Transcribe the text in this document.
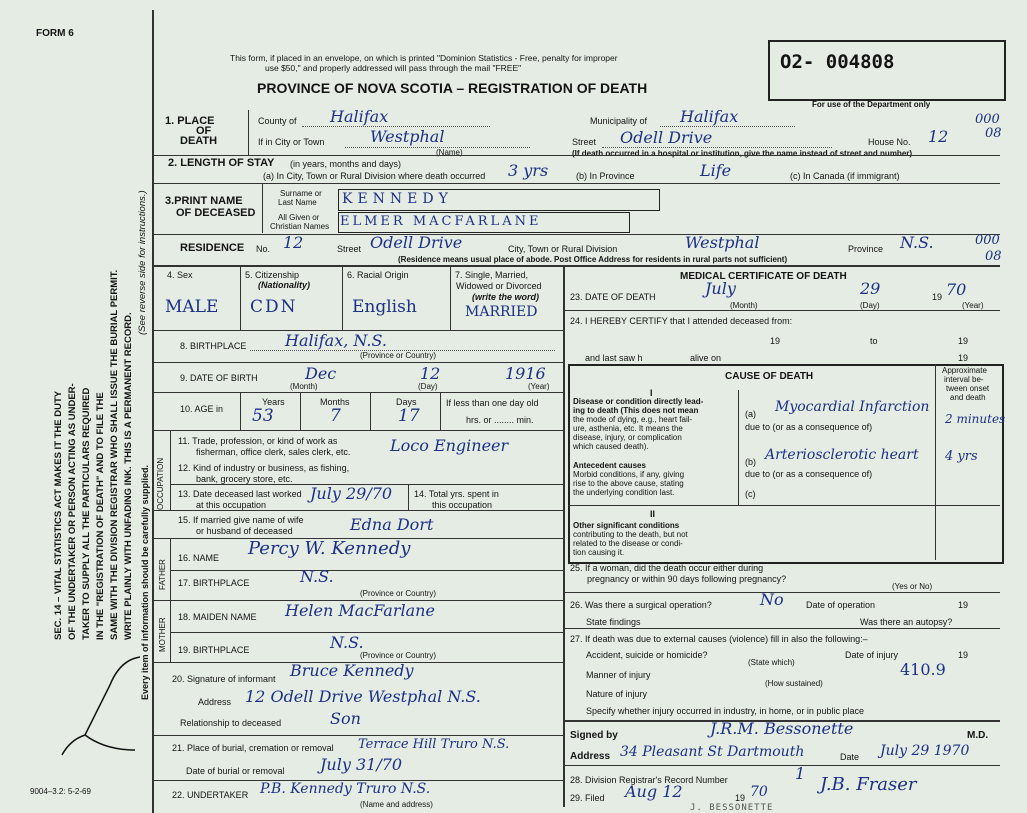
FORM 6
SEC. 14 – VITAL STATISTICS ACT MAKES IT THE DUTY OF THE UNDERTAKER OR PERSON ACTING AS UNDER- TAKER TO SUPPLY ALL THE PARTICULARS REQUIRED IN THE "REGISTRATION OF DEATH" AND TO FILE THE SAME WITH THE DIVISION REGISTRAR WHO SHALL ISSUE THE BURIAL PERMIT. WRITE PLAINLY WITH UNFADING INK. THIS IS A PERMANENT RECORD.
(See reverse side for instructions.)
Every item of information should be carefully supplied.
9004–3.2: 5-2-69
This form, if placed in an envelope, on which is printed "Dominion Statistics - Free, penalty for improper
use $50," and properly addressed will pass through the mail "FREE"
PROVINCE OF NOVA SCOTIA – REGISTRATION OF DEATH
O2- 004808
For use of the Department only
1. PLACE
OF
DEATH
County of Halifax	Municipality of Halifax
If in City or Town	Westphal
(Name)
Street Odell Drive	House No. 12
000
08
(If death occurred in a hospital or institution, give the name instead of street and number)
2. LENGTH OF STAY (in years, months and days)
(a) In City, Town or Rural Division where death occurred 3 yrs	(b) In Province	Life	(c) In Canada (if immigrant)
3.PRINT NAME
OF DECEASED
Surname or
Last Name
All Given or
Christian Names
KENNEDY
ELMER MACFARLANE
RESIDENCE No. 12	Street Odell Drive	City, Town or Rural Division	Westphal	Province N.S.	000
08
(Residence means usual place of abode. Post Office Address for residents in rural parts not sufficient)
4. Sex	5. Citizenship
(Nationality)
6. Racial Origin	7. Single, Married,
Widowed or Divorced
(write the word)
MALE CDN	English	MARRIED
8. BIRTHPLACE Halifax, N.S.
(Province or Country)
9. DATE OF BIRTH	Dec
(Month)
12
(Day)
1916
(Year)
10. AGE in
Years	Months	Days
53	7	17
If less than one day old
hrs. or ........ min.
OCCUPATION
11. Trade, profession, or kind of work as
fisherman, office clerk, sales clerk, etc. Loco Engineer
12. Kind of industry or business, as fishing,
bank, grocery store, etc.
13. Date deceased last worked
at this occupation
July 29/70 14. Total yrs. spent in
this occupation
15. If married give name of wife
or husband of deceased	Edna Dort
FATHER
16. NAME Percy W. Kennedy
17. BIRTHPLACE	N.S.
(Province or Country)
MOTHER
18. MAIDEN NAME Helen MacFarlane
19. BIRTHPLACE	N.S.
(Province or Country)
20. Signature of informant Bruce Kennedy
Address 12 Odell Drive Westphal N.S.
Relationship to deceased	Son
21. Place of burial, cremation or removal Terrace Hill Truro N.S.
Date of burial or removal July 31/70
22. UNDERTAKER P.B. Kennedy Truro N.S.
(Name and address)
MEDICAL CERTIFICATE OF DEATH
23. DATE OF DEATH	July
(Month)
29
(Day)
19 70
(Year)
24. I HEREBY CERTIFY that I attended deceased from:
19	to	19
and last saw h	alive on	19
CAUSE OF DEATH
Approximate
interval be-
tween onset
and death
I
Disease or condition directly lead-
ing to death (This does not mean
the mode of dying, e.g., heart fail-
ure, asthenia, etc. It means the
disease, injury, or complication
which caused death).
Antecedent causes
Morbid conditions, if any, giving
rise to the above cause, stating
the underlying condition last.
(a) Myocardial Infarction
2 minutes
due to (or as a consequence of)
(b) Arteriosclerotic heart 4 yrs
due to (or as a consequence of)
(c)
II
Other significant conditions
contributing to the death, but not
related to the disease or condi-
tion causing it.
25. If a woman, did the death occur either during
pregnancy or within 90 days following pregnancy?
(Yes or No)
26. Was there a surgical operation?	No Date of operation	19
State findings	Was there an autopsy?
27. If death was due to external causes (violence) fill in also the following:–
Accident, suicide or homicide?	Date of injury	19
(State which)
Manner of injury	410.9
(How sustained)
Nature of injury
Specify whether injury occurred in industry, in home, or in public place
Signed by	J.R.M. Bessonette	M.D.
Address 34 Pleasant St Dartmouth	Date July 29 1970
28. Division Registrar's Record Number	1
29. Filed Aug 12	19 70	J.B. Fraser
J. BESSONETTE
